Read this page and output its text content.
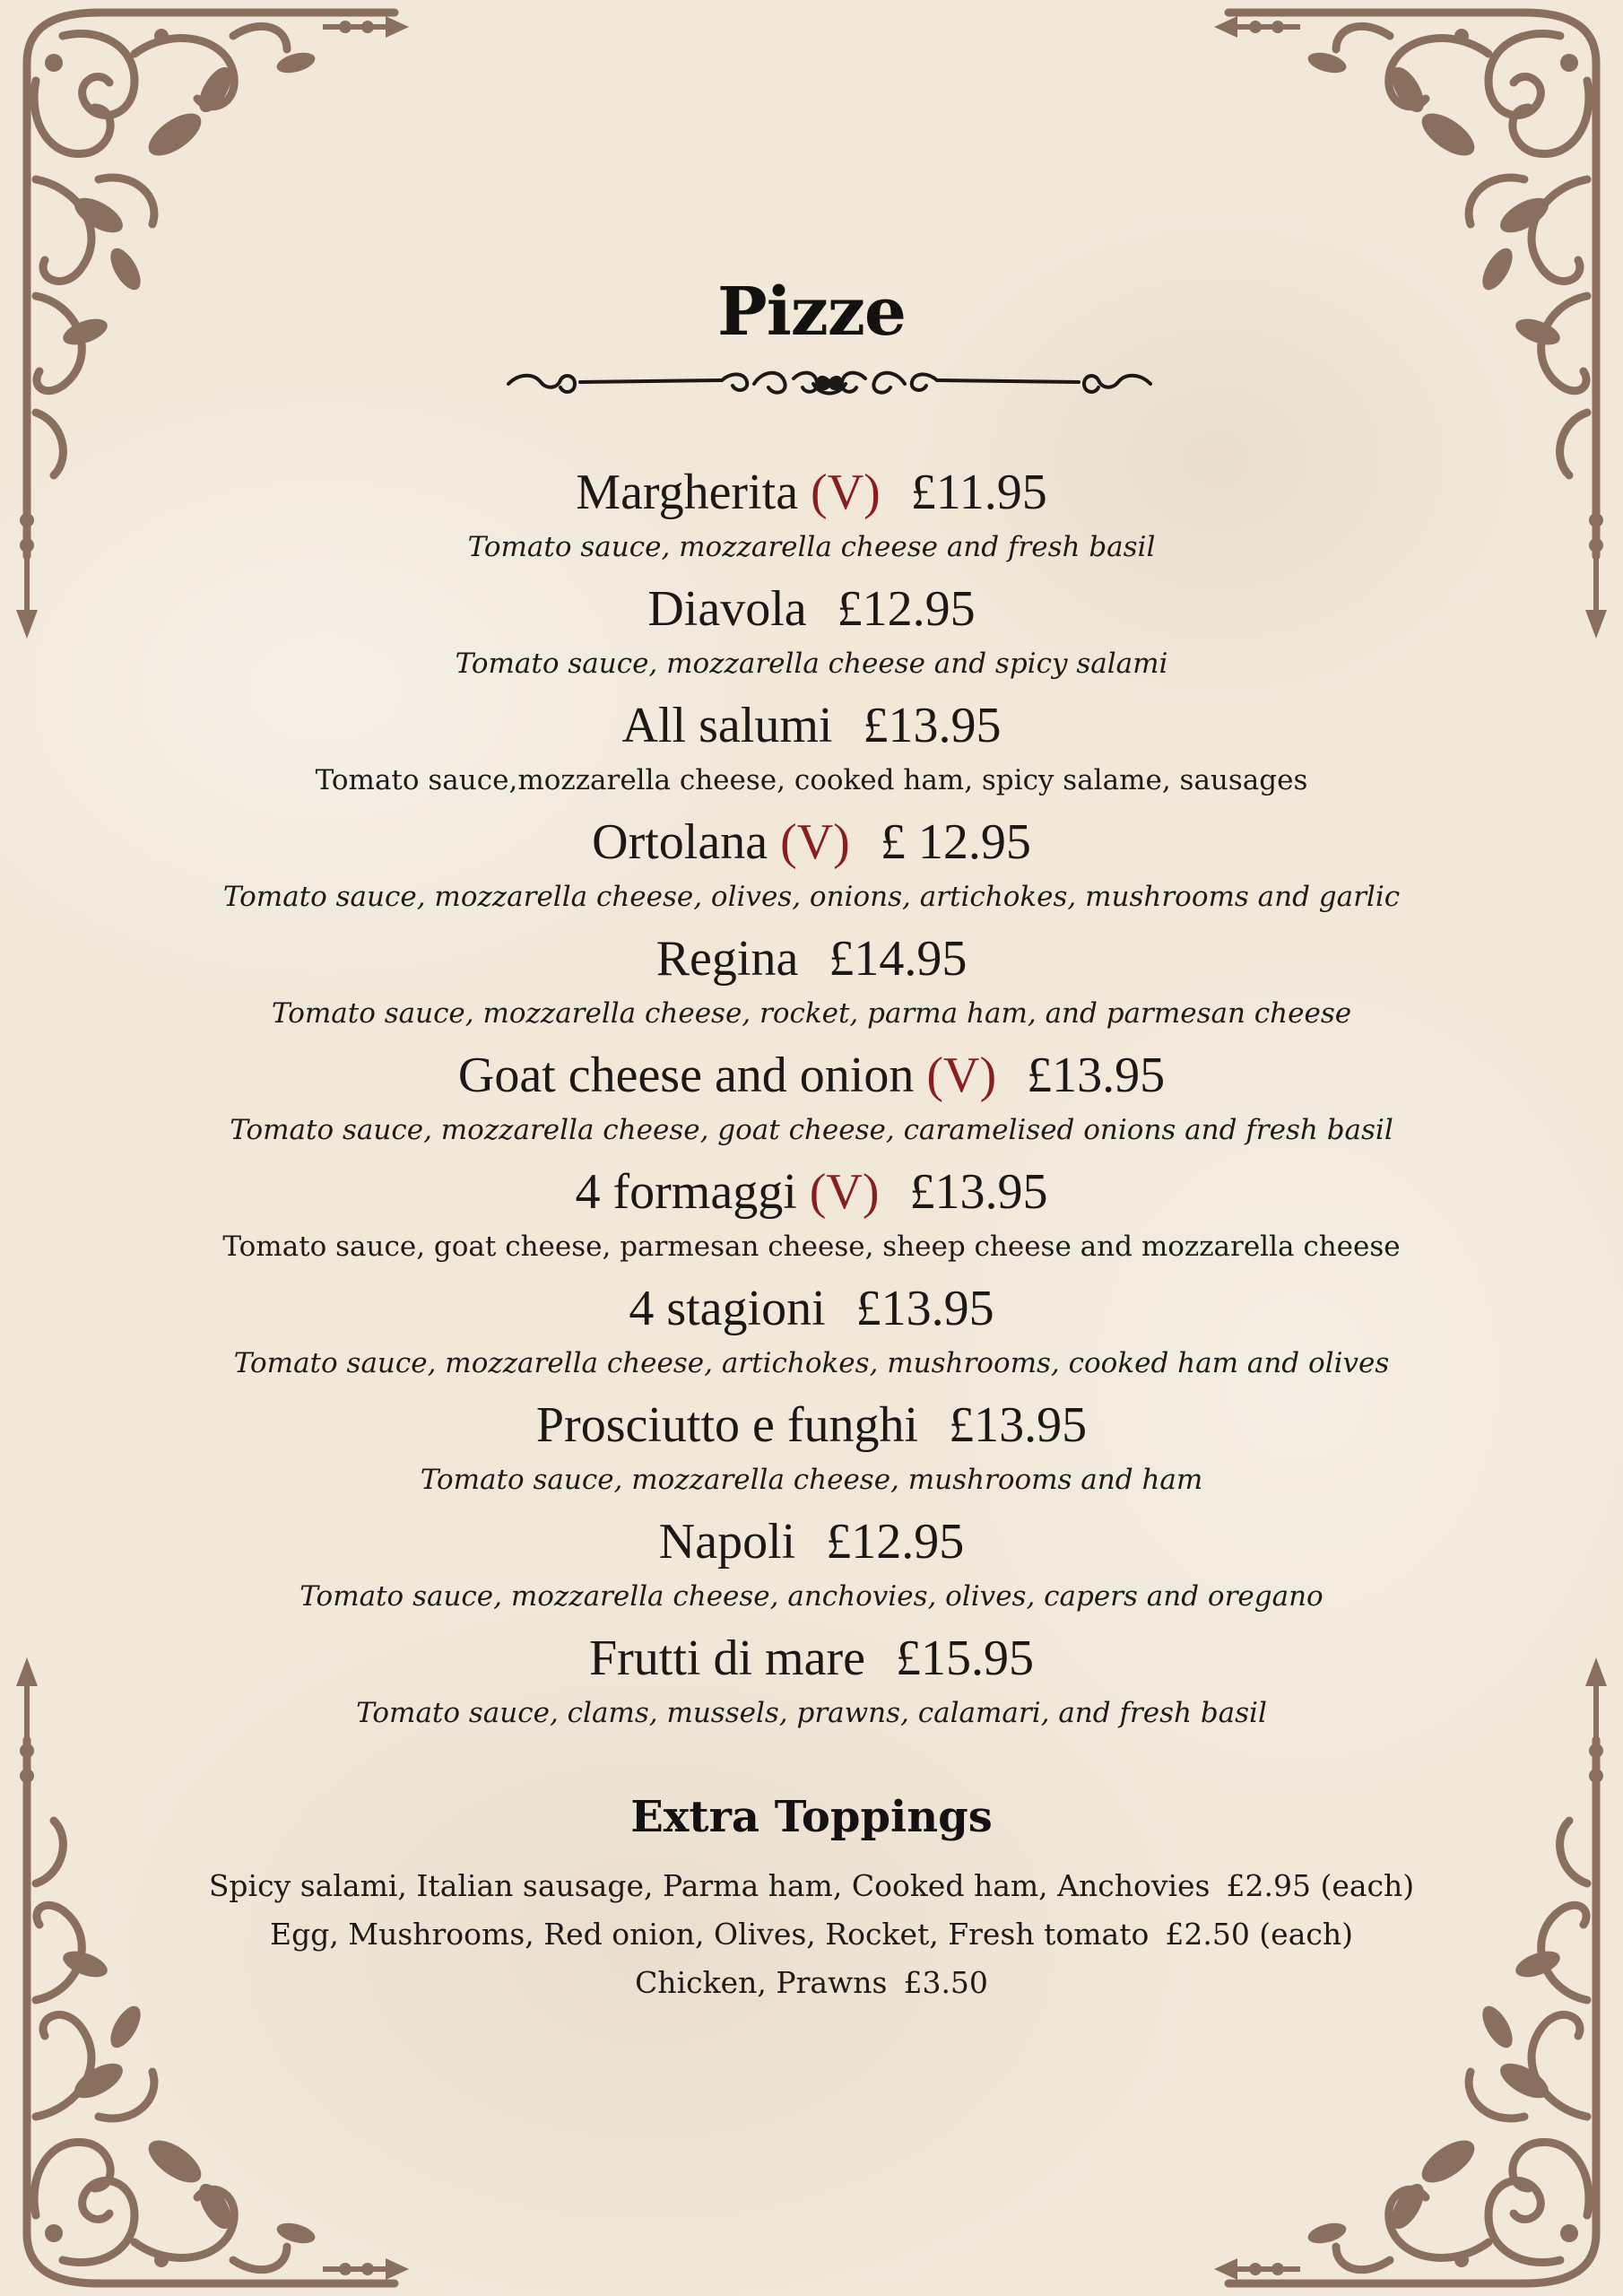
Pizze
Margherita (V) £11.95
Tomato sauce, mozzarella cheese and fresh basil
Diavola £12.95
Tomato sauce, mozzarella cheese and spicy salami
All salumi £13.95
Tomato sauce,mozzarella cheese, cooked ham, spicy salame, sausages
Ortolana (V) £ 12.95
Tomato sauce, mozzarella cheese, olives, onions, artichokes, mushrooms and garlic
Regina £14.95
Tomato sauce, mozzarella cheese, rocket, parma ham, and parmesan cheese
Goat cheese and onion (V) £13.95
Tomato sauce, mozzarella cheese, goat cheese, caramelised onions and fresh basil
4 formaggi (V) £13.95
Tomato sauce, goat cheese, parmesan cheese, sheep cheese and mozzarella cheese
4 stagioni £13.95
Tomato sauce, mozzarella cheese, artichokes, mushrooms, cooked ham and olives
Prosciutto e funghi £13.95
Tomato sauce, mozzarella cheese, mushrooms and ham
Napoli £12.95
Tomato sauce, mozzarella cheese, anchovies, olives, capers and oregano
Frutti di mare £15.95
Tomato sauce, clams, mussels, prawns, calamari, and fresh basil
Extra Toppings
Spicy salami, Italian sausage, Parma ham, Cooked ham, Anchovies £2.95 (each)
Egg, Mushrooms, Red onion, Olives, Rocket, Fresh tomato £2.50 (each)
Chicken, Prawns £3.50
